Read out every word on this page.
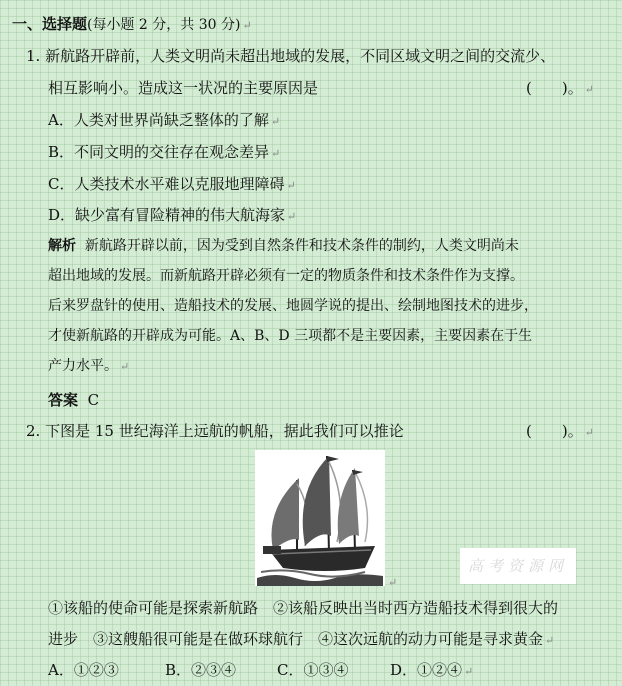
一、选择题(每小题 2 分，共 30 分) ↵
1. 新航路开辟前，人类文明尚未超出地域的发展，不同区域文明之间的交流少、
相互影响小。造成这一状况的主要原因是	(　　)。 ↵
A．人类对世界尚缺乏整体的了解 ↵
B．不同文明的交往存在观念差异 ↵
C．人类技术水平难以克服地理障碍 ↵
D．缺少富有冒险精神的伟大航海家 ↵
解析 新航路开辟以前，因为受到自然条件和技术条件的制约，人类文明尚未
超出地域的发展。而新航路开辟必须有一定的物质条件和技术条件作为支撑。
后来罗盘针的使用、造船技术的发展、地圆学说的提出、绘制地图技术的进步，
才使新航路的开辟成为可能。A、B、D 三项都不是主要因素，主要因素在于生
产力水平。 ↵
答案 C
2. 下图是 15 世纪海洋上远航的帆船，据此我们可以推论	(　　)。 ↵
↵
高考资源网
①该船的使命可能是探索新航路　②该船反映出当时西方造船技术得到很大的
进步　③这艘船很可能是在做环球航行　④这次远航的动力可能是寻求黄金 ↵
A．①②③	B．②③④	C．①③④	D．①②④ ↵
